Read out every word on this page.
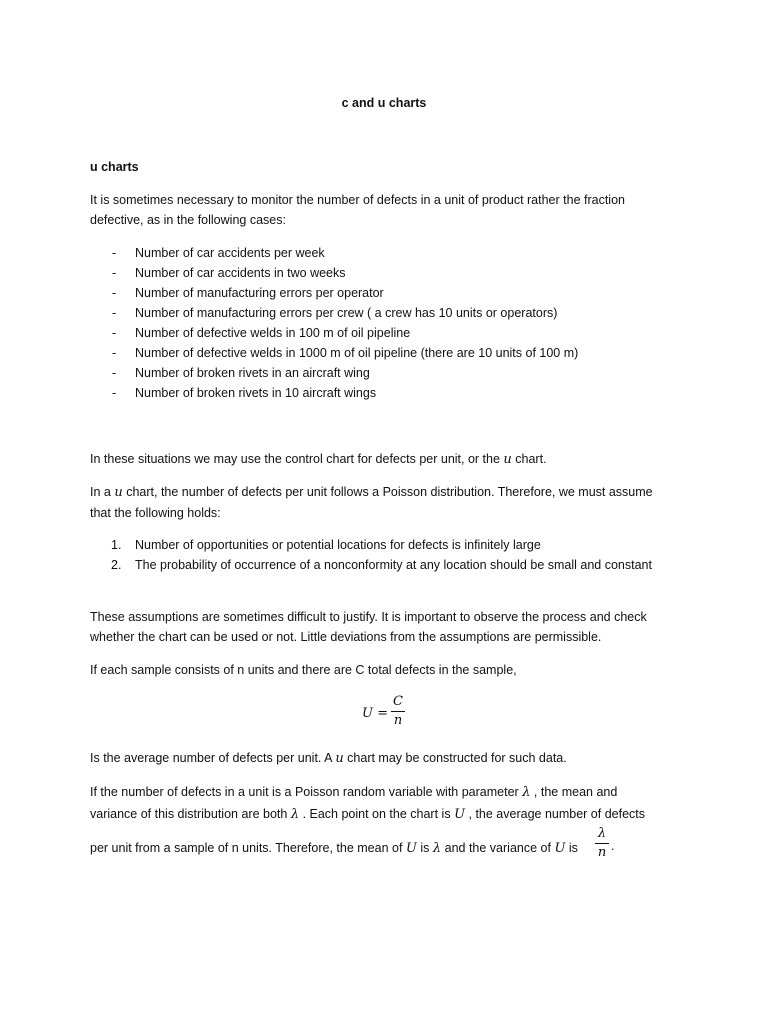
c and u charts

u charts

It is sometimes necessary to monitor the number of defects in a unit of product rather the fraction

defective, as in the following cases:

- Number of car accidents per week
- Number of car accidents in two weeks
- Number of manufacturing errors per operator
- Number of manufacturing errors per crew ( a crew has 10 units or operators)
- Number of defective welds in 100 m of oil pipeline
- Number of defective welds in 1000 m of oil pipeline (there are 10 units of 100 m)
- Number of broken rivets in an aircraft wing
- Number of broken rivets in 10 aircraft wings

In these situations we may use the control chart for defects per unit, or the u chart.

In a u chart, the number of defects per unit follows a Poisson distribution. Therefore, we must assume

that the following holds:

1. Number of opportunities or potential locations for defects is infinitely large
2. The probability of occurrence of a nonconformity at any location should be small and constant

These assumptions are sometimes difficult to justify. It is important to observe the process and check

whether the chart can be used or not. Little deviations from the assumptions are permissible.

If each sample consists of n units and there are C total defects in the sample,

U =
C
n

Is the average number of defects per unit. A u chart may be constructed for such data.

If the number of defects in a unit is a Poisson random variable with parameter λ , the mean and

variance of this distribution are both λ . Each point on the chart is U , the average number of defects

per unit from a sample of n units. Therefore, the mean of U is λ and the variance of U is

λ
n .
